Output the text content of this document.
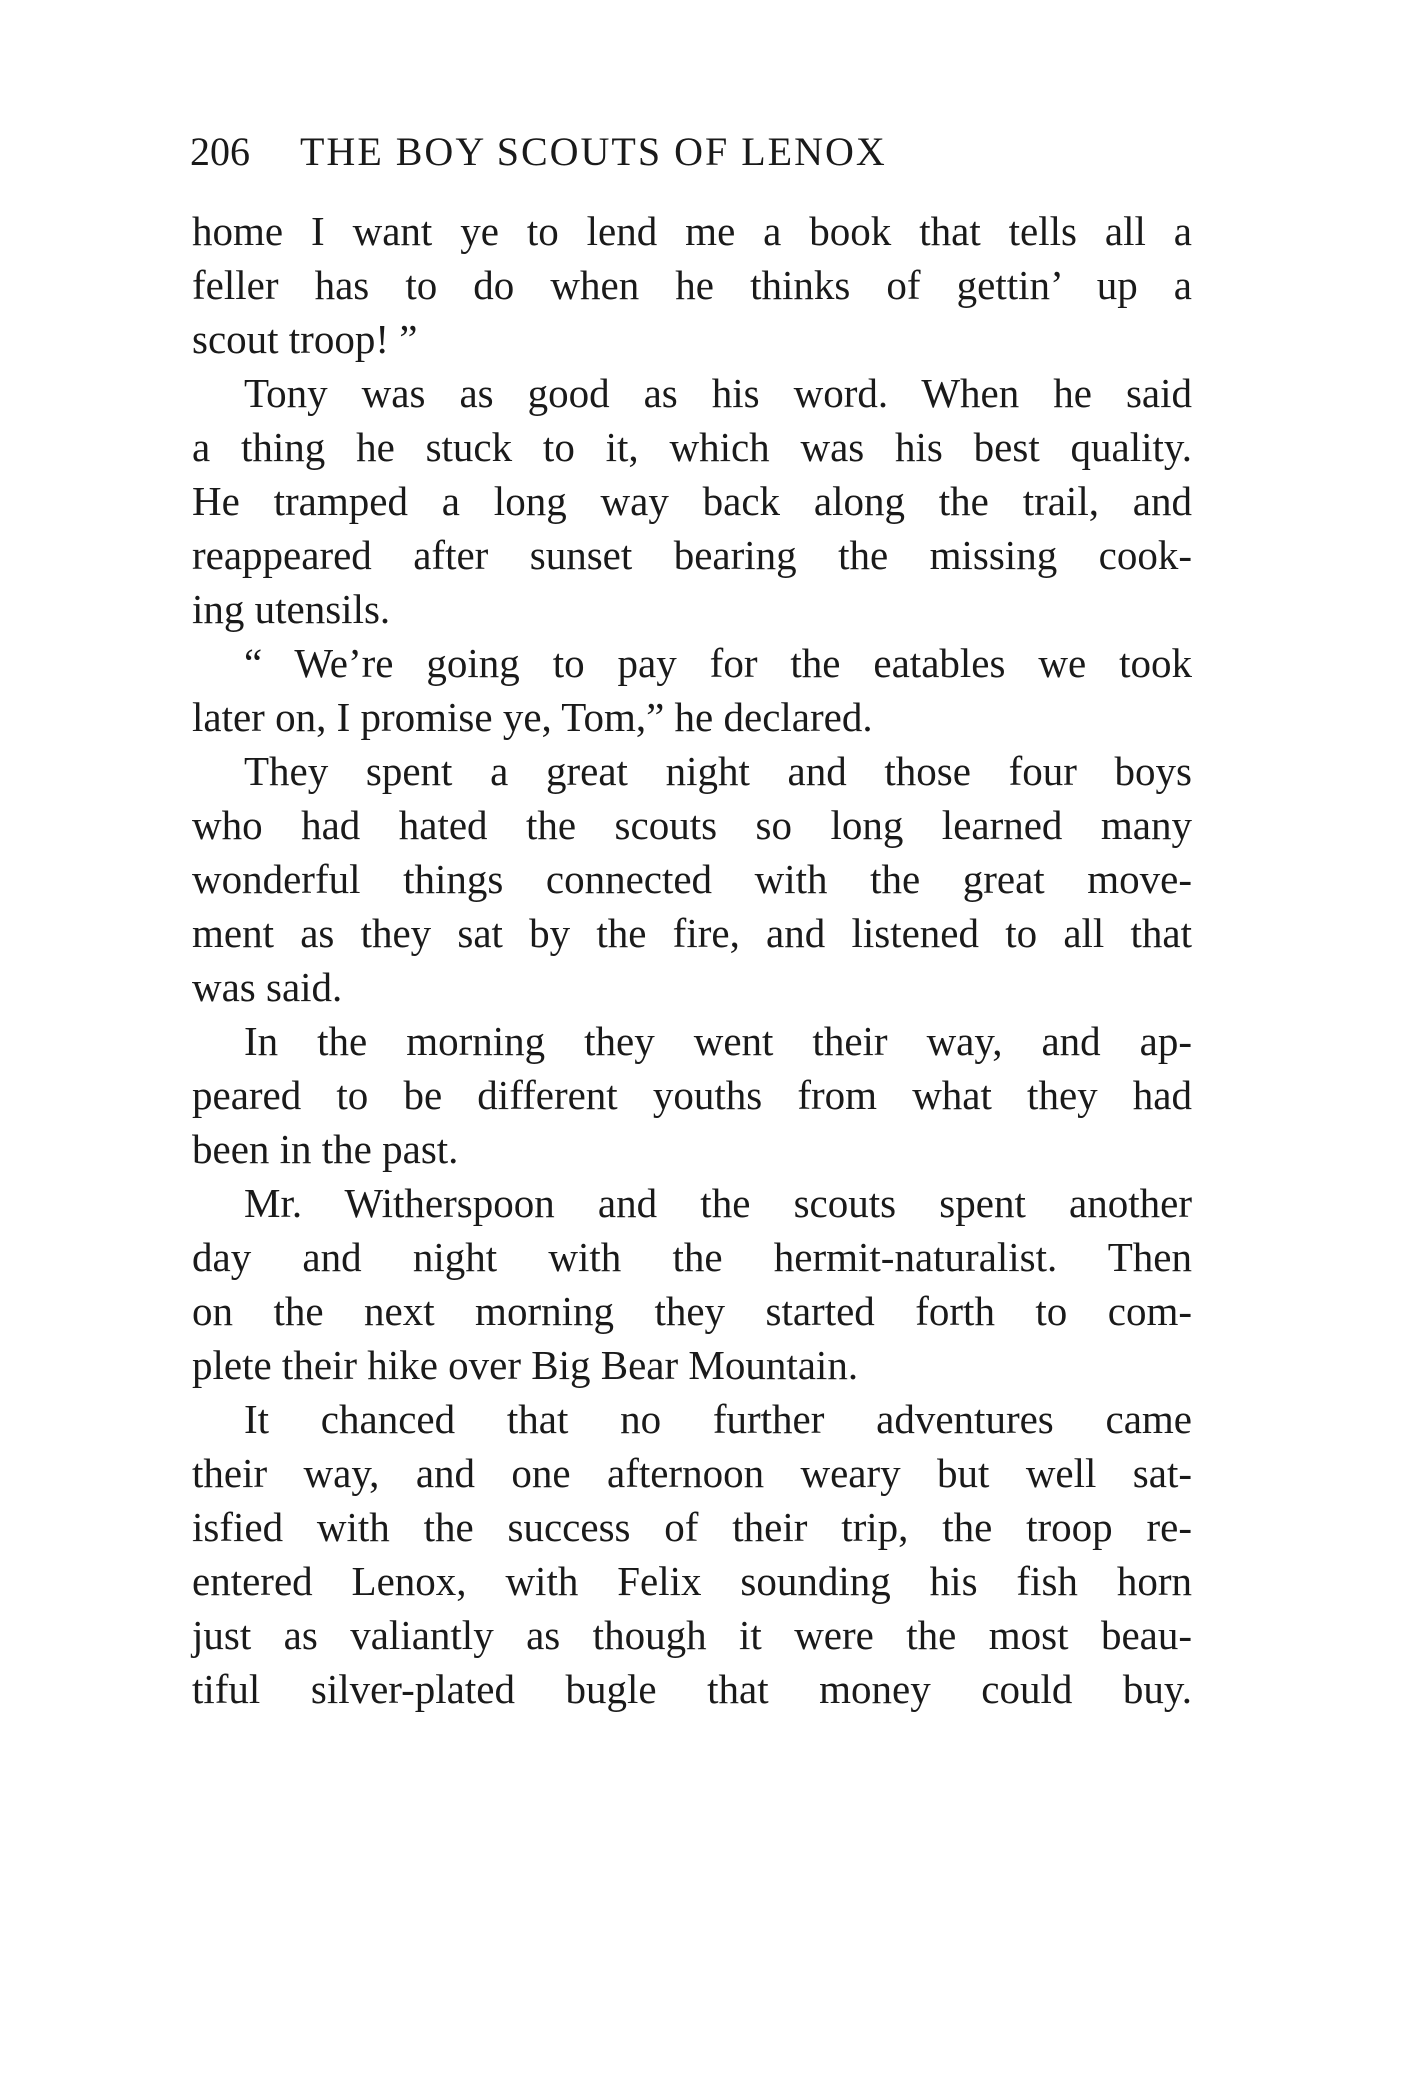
206 THE BOY SCOUTS OF LENOX
home I want ye to lend me a book that tells all a
feller has to do when he thinks of gettin’ up a
scout troop! ”
Tony was as good as his word. When he said
a thing he stuck to it, which was his best quality.
He tramped a long way back along the trail, and
reappeared after sunset bearing the missing cook-
ing utensils.
“ We’re going to pay for the eatables we took
later on, I promise ye, Tom,” he declared.
They spent a great night and those four boys
who had hated the scouts so long learned many
wonderful things connected with the great move-
ment as they sat by the fire, and listened to all that
was said.
In the morning they went their way, and ap-
peared to be different youths from what they had
been in the past.
Mr. Witherspoon and the scouts spent another
day and night with the hermit-naturalist. Then
on the next morning they started forth to com-
plete their hike over Big Bear Mountain.
It chanced that no further adventures came
their way, and one afternoon weary but well sat-
isfied with the success of their trip, the troop re-
entered Lenox, with Felix sounding his fish horn
just as valiantly as though it were the most beau-
tiful silver-plated bugle that money could buy.
